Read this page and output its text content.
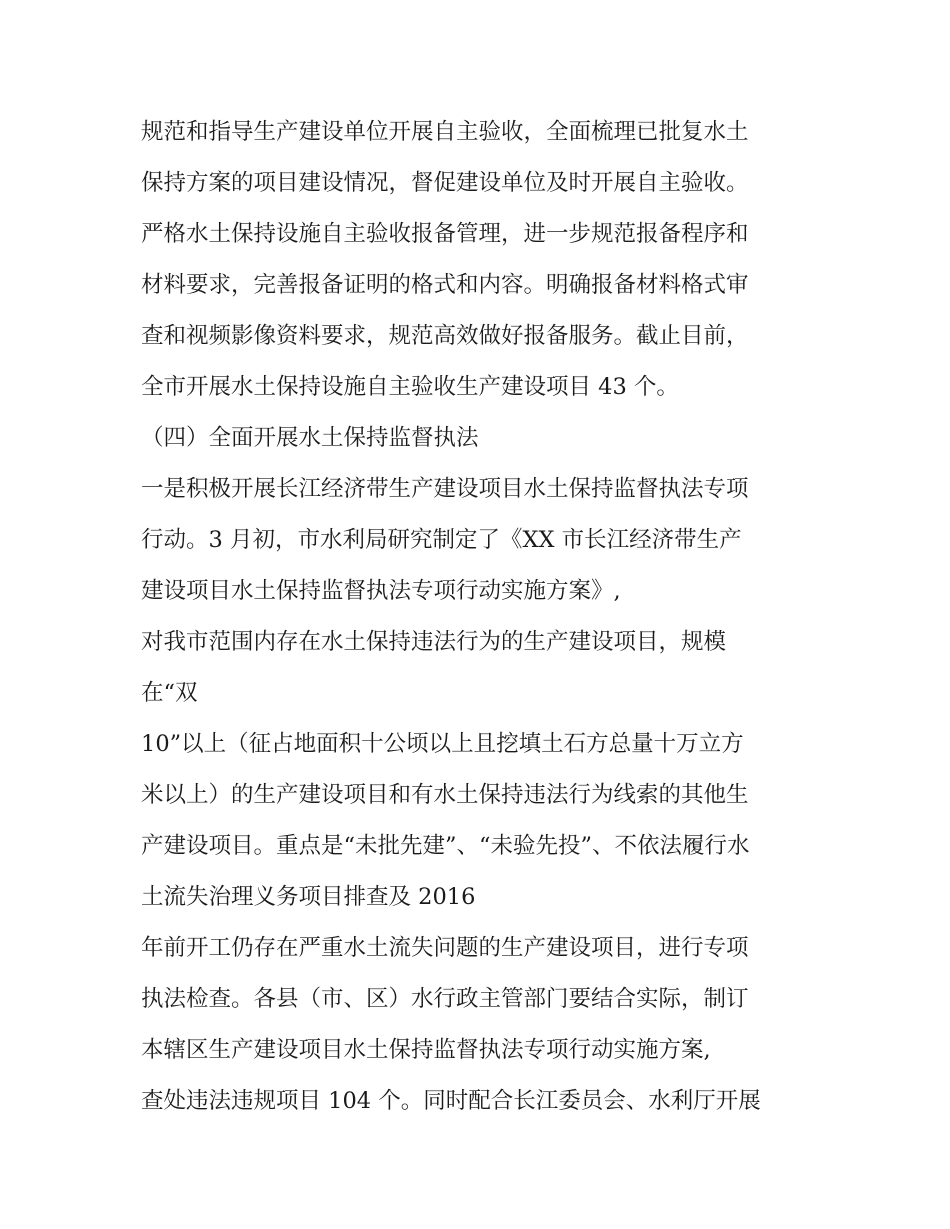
规范和指导生产建设单位开展自主验收，全面梳理已批复水土
保持方案的项目建设情况，督促建设单位及时开展自主验收。
严格水土保持设施自主验收报备管理，进一步规范报备程序和
材料要求，完善报备证明的格式和内容。明确报备材料格式审
查和视频影像资料要求，规范高效做好报备服务。截止目前，
全市开展水土保持设施自主验收生产建设项目 43 个。
（四）全面开展水土保持监督执法
一是积极开展长江经济带生产建设项目水土保持监督执法专项
行动。3 月初，市水利局研究制定了《XX 市长江经济带生产
建设项目水土保持监督执法专项行动实施方案》,
对我市范围内存在水土保持违法行为的生产建设项目，规模
在“双
10”以上（征占地面积十公顷以上且挖填土石方总量十万立方
米以上）的生产建设项目和有水土保持违法行为线索的其他生
产建设项目。重点是“未批先建”、“未验先投”、不依法履行水
土流失治理义务项目排查及 2016
年前开工仍存在严重水土流失问题的生产建设项目，进行专项
执法检查。各县（市、区）水行政主管部门要结合实际，制订
本辖区生产建设项目水土保持监督执法专项行动实施方案,
查处违法违规项目 104 个。同时配合长江委员会、水利厅开展
